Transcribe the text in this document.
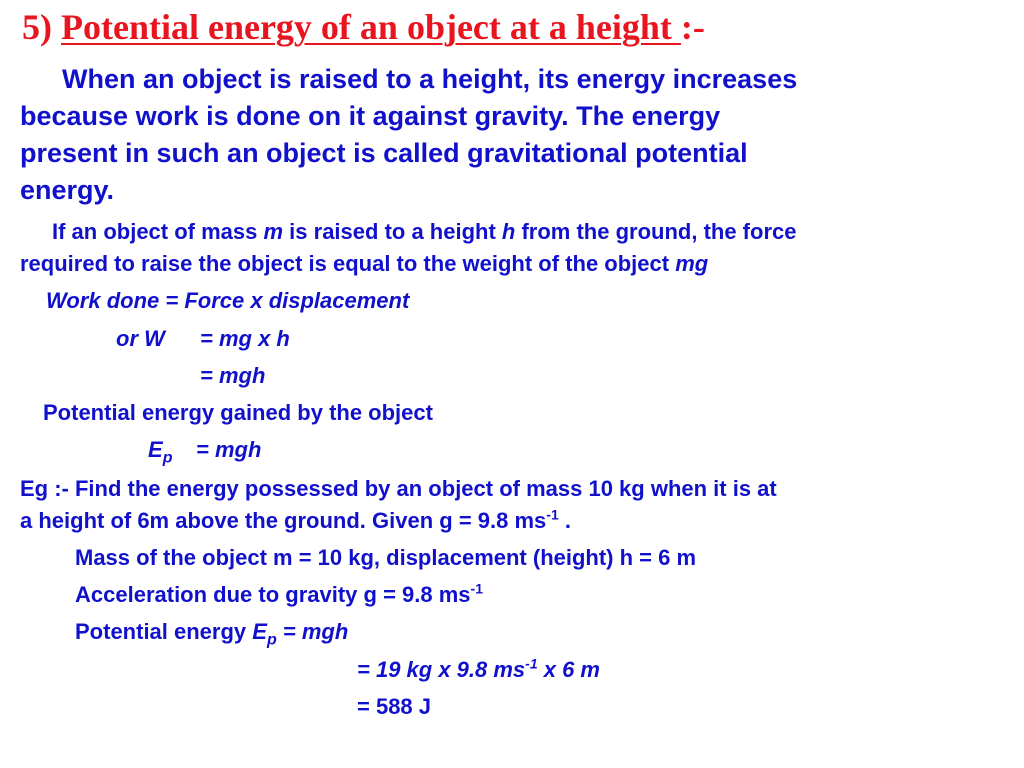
5) Potential energy of an object at a height :-
When an object is raised to a height, its energy increases
because work is done on it against gravity. The energy
present in such an object is called gravitational potential
energy.
If an object of mass m is raised to a height h from the ground, the force
required to raise the object is equal to the weight of the object mg
Work done = Force x displacement
or W = mg x h
= mgh
Potential energy gained by the object
$E_p$ = mgh
Eg :- Find the energy possessed by an object of mass 10 kg when it is at
a height of 6m above the ground. Given g = 9.8 $ms^{-1}$ .
Mass of the object m = 10 kg, displacement (height) h = 6 m
Acceleration due to gravity g = 9.8 $ms^{-1}$
Potential energy $E_p$ = mgh
= 19 kg x 9.8 $ms^{-1}$ x 6 m
= 588 J
